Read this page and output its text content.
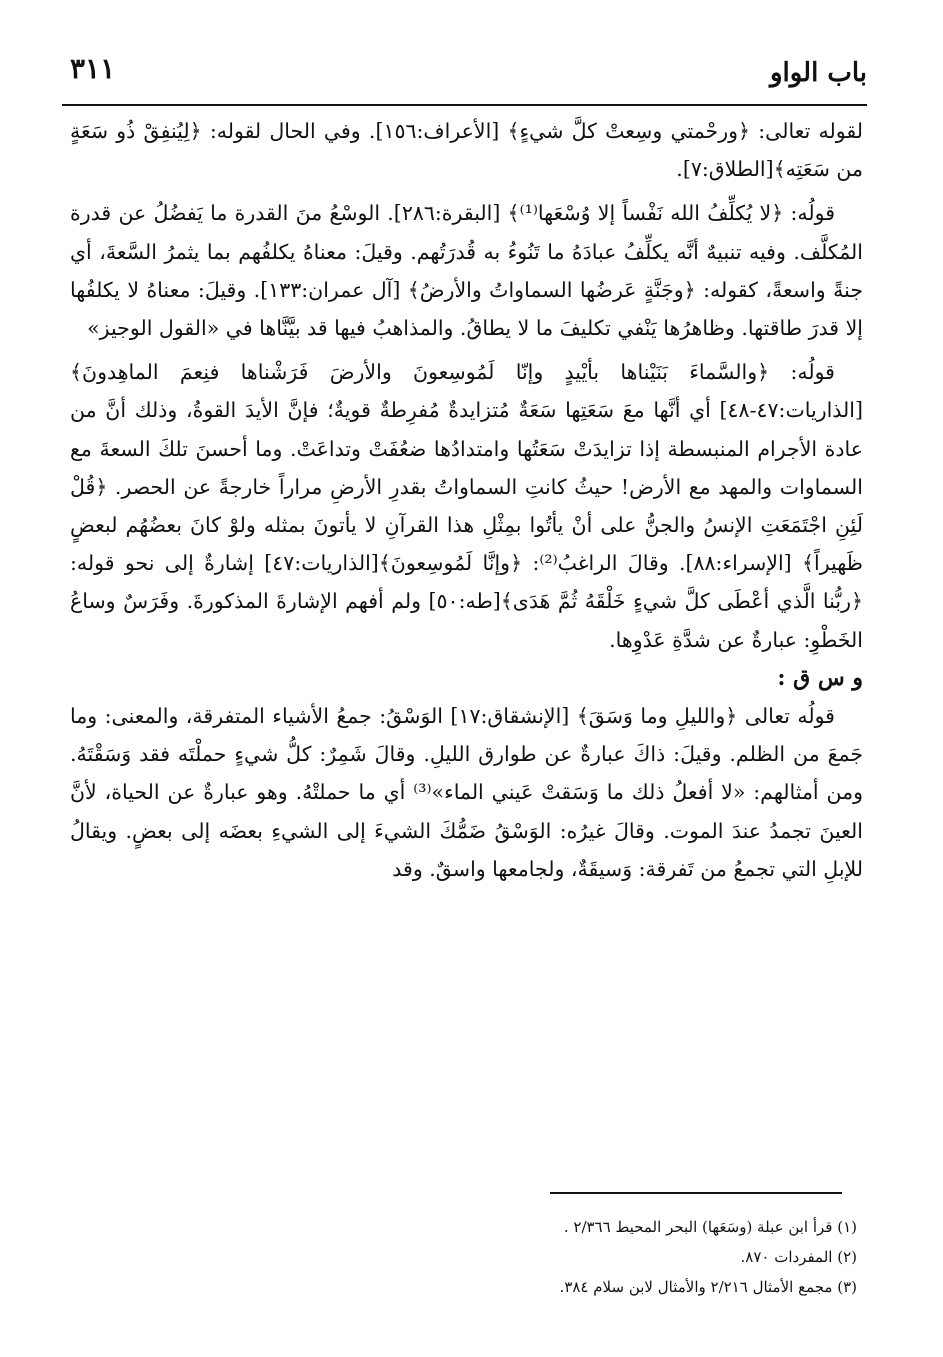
٣١١	باب الواو

لقوله تعالى: ﴿ورحْمتي وسِعتْ كلَّ شيءٍ﴾ [الأعراف:١٥٦]. وفي الحال لقوله: ﴿لِيُنفِقْ ذُو سَعَةٍ من سَعَتِه﴾[الطلاق:٧].

قولُه: ﴿لا يُكلِّفُ الله نَفْساً إلا وُسْعَها⁽¹⁾﴾ [البقرة:٢٨٦]. الوسْعُ منَ القدرة ما يَفضُلُ عن قدرة المُكلَّف. وفيه تنبيهٌ أنَّه يكلِّفُ عبادَهُ ما تَنُوءُ به قُدرَتُهم. وقيلَ: معناهُ يكلفُهم بما يثمرُ السَّعةَ، أي جنةً واسعةً، كقوله: ﴿وجَنَّةٍ عَرضُها السماواتُ والأرضُ﴾ [آل عمران:١٣٣]. وقيلَ: معناهُ لا يكلفُها إلا قدرَ طاقتها. وظاهرُها يَنْفي تكليفَ ما لا يطاقُ. والمذاهبُ فيها قد بيَّنَّاها في «القول الوجيز»

قولُه: ﴿والسَّماءَ بَنَيْناها بأيْيدٍ وإنّا لَمُوسِعونَ والأرضَ فَرَشْناها فنِعمَ الماهِدونَ﴾ [الذاريات:٤٧-٤٨] أي أنَّها معَ سَعَتِها سَعَةٌ مُتزايدةٌ مُفرِطةٌ قويةٌ؛ فإنَّ الأيدَ القوةُ، وذلك أنَّ من عادة الأجرام المنبسطة إذا تزايدَتْ سَعَتُها وامتدادُها ضعُفَتْ وتداعَتْ. وما أحسنَ تلكَ السعةَ مع السماوات والمهد مع الأرض! حيثُ كانتِ السماواتُ بقدرِ الأرضِ مراراً خارجةً عن الحصر. ﴿قُلْ لَئِنِ اجْتَمَعَتِ الإنسُ والجنُّ على أنْ يأتُوا بمِثْلِ هذا القرآنِ لا يأتونَ بمثله ولوْ كانَ بعضُهُم لبعضٍ ظَهيراً﴾ [الإسراء:٨٨]. وقالَ الراغبُ⁽²⁾: ﴿وإنَّا لَمُوسِعونَ﴾[الذاريات:٤٧] إشارةٌ إلى نحو قوله: ﴿ربُّنا الَّذي أعْطَى كلَّ شيءٍ خَلْقَهُ ثُمَّ هَدَى﴾[طه:٥٠] ولم أفهم الإشارةَ المذكورةَ. وفَرَسٌ وساعُ الخَطْوِ: عبارةٌ عن شدَّةِ عَدْوِها.

و س ق :

قولُه تعالى ﴿والليلِ وما وَسَقَ﴾ [الإنشقاق:١٧] الوَسْقُ: جمعُ الأشياء المتفرقة، والمعنى: وما جَمعَ من الظلم. وقيلَ: ذاكَ عبارةٌ عن طوارق الليلِ. وقالَ شَمِرٌ: كلُّ شيءٍ حملْتَه فقد وَسَقْتَهُ. ومن أمثالهم: «لا أفعلُ ذلك ما وَسَقتْ عَيني الماء»⁽³⁾ أي ما حملتْهُ. وهو عبارةٌ عن الحياة، لأنَّ العينَ تجمدُ عندَ الموت. وقالَ غيرُه: الوَسْقُ ضَمُّكَ الشيءَ إلى الشيءِ بعضَه إلى بعضٍ. ويقالُ للإبلِ التي تجمعُ من تَفرقة: وَسيقَةٌ، ولجامعها واسقٌ. وقد

(١) قرأ ابن عبلة (وسَعَها) البحر المحيط ٢/٣٦٦ .
(٢) المفردات ٨٧٠.
(٣) مجمع الأمثال ٢/٢١٦ والأمثال لابن سلام ٣٨٤.
